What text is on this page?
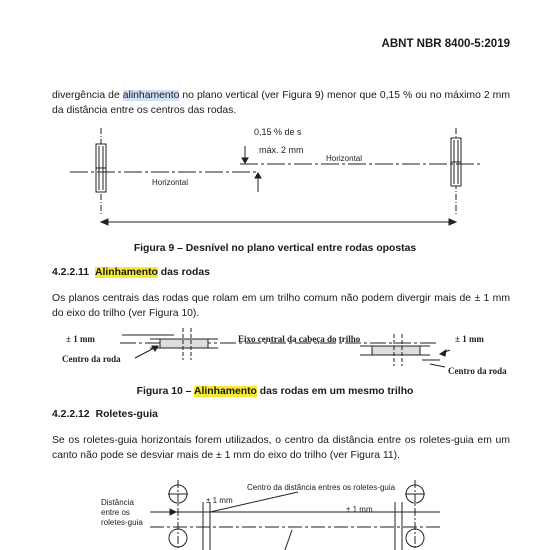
ABNT NBR 8400-5:2019
divergência de alinhamento no plano vertical (ver Figura 9) menor que 0,15 % ou no máximo 2 mm da distância entre os centros das rodas.
0,15 % de s
máx. 2 mm
Horizontal
Horizontal
Figura 9 – Desnível no plano vertical entre rodas opostas
4.2.2.11 Alinhamento das rodas
Os planos centrais das rodas que rolam em um trilho comum não podem divergir mais de ± 1 mm do eixo do trilho (ver Figura 10).
± 1 mm
Centro da roda
Eixo central da cabeça do trilho	± 1 mm
Centro da roda
Figura 10 – Alinhamento das rodas em um mesmo trilho
4.2.2.12 Roletes-guia
Se os roletes-guia horizontais forem utilizados, o centro da distância entre os roletes-guia em um canto não pode se desviar mais de ± 1 mm do eixo do trilho (ver Figura 11).
Distância
entre os
roletes-guia
± 1 mm
± 1 mm
Centro da distância entres os roletes-guia
